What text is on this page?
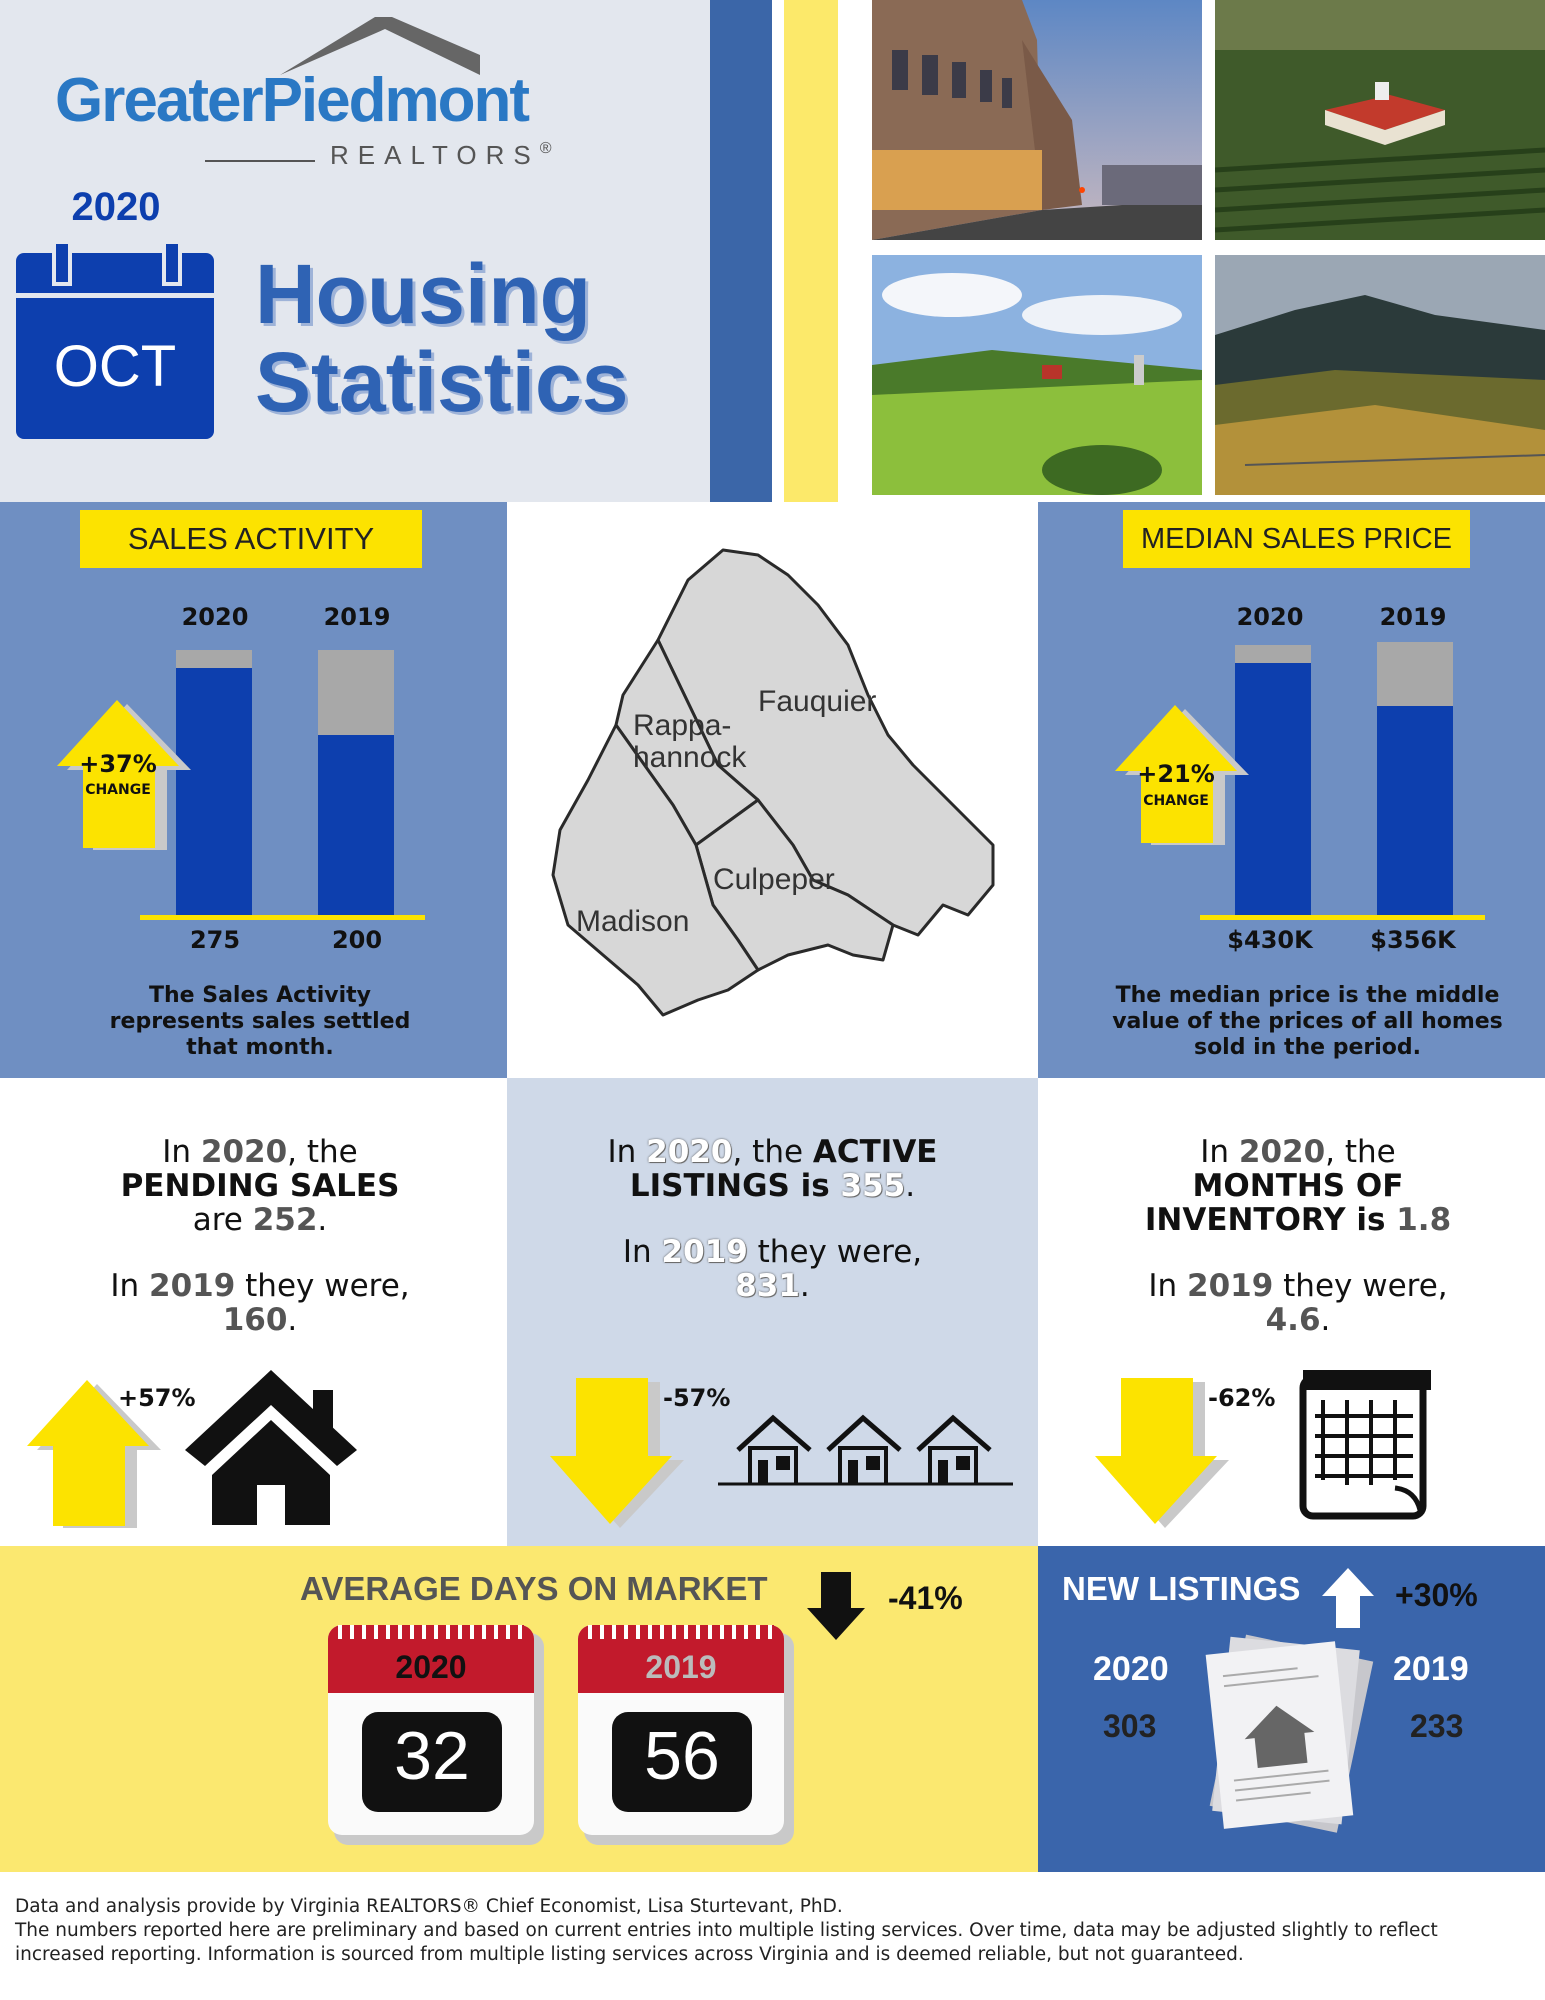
GreaterPiedmont
REALTORS®
2020
OCT
Housing
Statistics
SALES ACTIVITY
2020	2019
+37%
CHANGE
275	200
The Sales Activity represents sales settled that month.
Fauquier
Rappa-
hannock
Culpeper
Madison
MEDIAN SALES PRICE
2020	2019
+21%
CHANGE
$430K	$356K
The median price is the middle value of the prices of all homes sold in the period.
In 2020, the
PENDING SALES
are 252.
In 2019 they were,
160.
+57%
In 2020, the ACTIVE
LISTINGS is 355.
In 2019 they were,
831.
-57%
In 2020, the
MONTHS OF
INVENTORY is 1.8
In 2019 they were,
4.6.
-62%
AVERAGE DAYS ON MARKET	-41%
2020
32
2019
56
NEW LISTINGS	+30%
2020	2019
303	233
Data and analysis provide by Virginia REALTORS® Chief Economist, Lisa Sturtevant, PhD.
The numbers reported here are preliminary and based on current entries into multiple listing services. Over time, data may be adjusted slightly to reflect increased reporting. Information is sourced from multiple listing services across Virginia and is deemed reliable, but not guaranteed.
